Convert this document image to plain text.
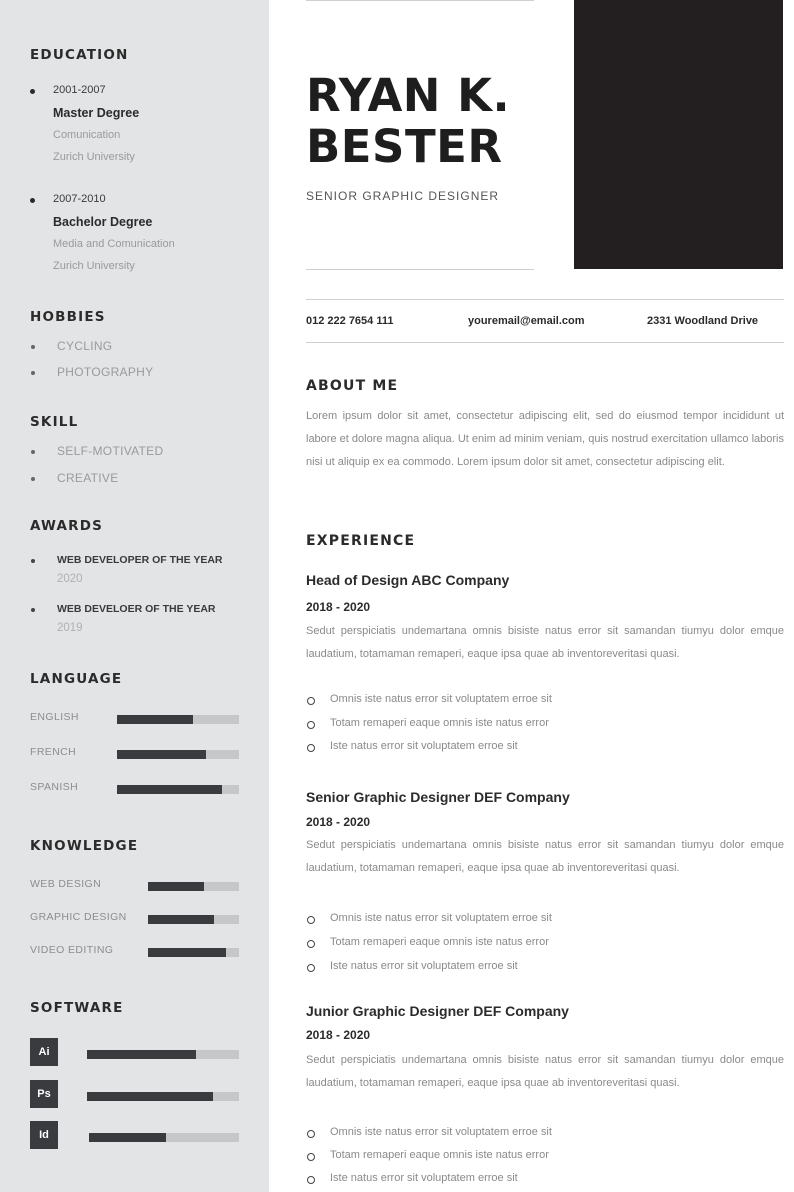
EDUCATION
2001-2007
Master Degree
Comunication
Zurich University
2007-2010
Bachelor Degree
Media and Comunication
Zurich University
HOBBIES
CYCLING
PHOTOGRAPHY
SKILL
SELF-MOTIVATED
CREATIVE
AWARDS
WEB DEVELOPER OF THE YEAR
2020
WEB DEVELOER OF THE YEAR
2019
LANGUAGE
ENGLISH
FRENCH
SPANISH
KNOWLEDGE
WEB DESIGN
GRAPHIC DESIGN
VIDEO EDITING
SOFTWARE
Ai
Ps
Id
RYAN K.
BESTER
SENIOR GRAPHIC DESIGNER
012 222 7654 111	youremail@email.com	2331 Woodland Drive
ABOUT ME
Lorem ipsum dolor sit amet, consectetur adipiscing elit, sed do eiusmod tempor incididunt ut labore et dolore magna aliqua. Ut enim ad minim veniam, quis nostrud exercitation ullamco laboris nisi ut aliquip ex ea commodo. Lorem ipsum dolor sit amet, consectetur adipiscing elit.
EXPERIENCE
Head of Design ABC Company
2018 - 2020
Sedut perspiciatis undemartana omnis bisiste natus error sit samandan tiumyu dolor emque laudatium, totamaman remaperi, eaque ipsa quae ab inventoreveritasi quasi.
Omnis iste natus error sit voluptatem erroe sit
Totam remaperi eaque omnis iste natus error
Iste natus error sit voluptatem erroe sit
Senior Graphic Designer DEF Company
2018 - 2020
Sedut perspiciatis undemartana omnis bisiste natus error sit samandan tiumyu dolor emque laudatium, totamaman remaperi, eaque ipsa quae ab inventoreveritasi quasi.
Omnis iste natus error sit voluptatem erroe sit
Totam remaperi eaque omnis iste natus error
Iste natus error sit voluptatem erroe sit
Junior Graphic Designer DEF Company
2018 - 2020
Sedut perspiciatis undemartana omnis bisiste natus error sit samandan tiumyu dolor emque laudatium, totamaman remaperi, eaque ipsa quae ab inventoreveritasi quasi.
Omnis iste natus error sit voluptatem erroe sit
Totam remaperi eaque omnis iste natus error
Iste natus error sit voluptatem erroe sit
